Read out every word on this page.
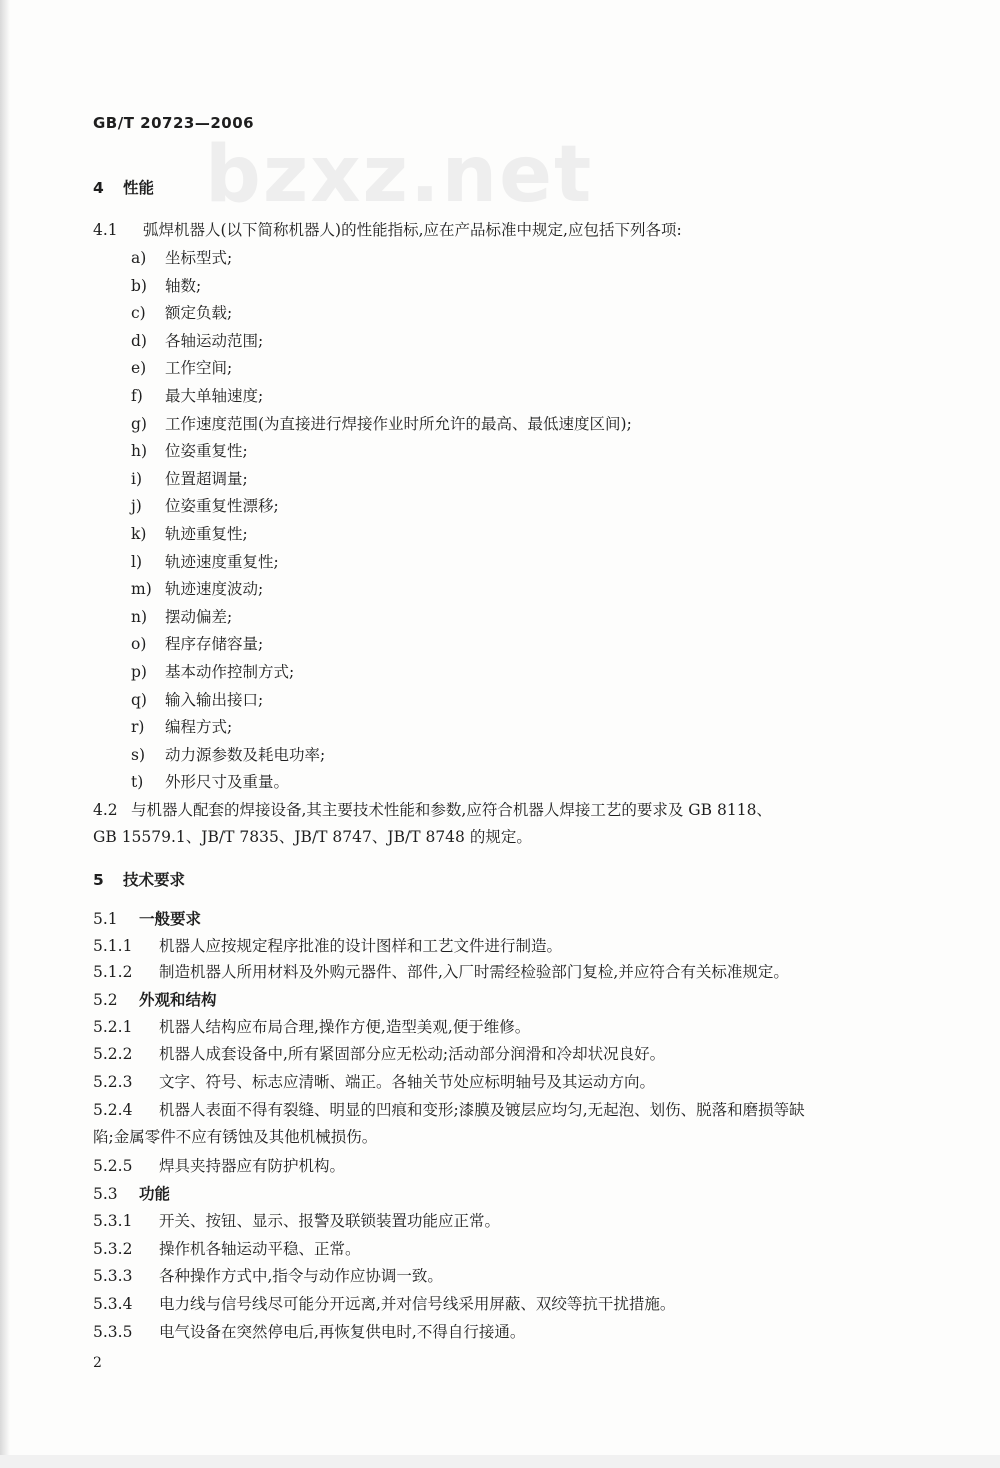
bzxz.net
GB/T 20723—2006
4 性能
4.1 弧焊机器人(以下简称机器人)的性能指标,应在产品标准中规定,应包括下列各项:
a) 坐标型式;
b) 轴数;
c) 额定负载;
d) 各轴运动范围;
e) 工作空间;
f) 最大单轴速度;
g) 工作速度范围(为直接进行焊接作业时所允许的最高、最低速度区间);
h) 位姿重复性;
i) 位置超调量;
j) 位姿重复性漂移;
k) 轨迹重复性;
l) 轨迹速度重复性;
m) 轨迹速度波动;
n) 摆动偏差;
o) 程序存储容量;
p) 基本动作控制方式;
q) 输入输出接口;
r) 编程方式;
s) 动力源参数及耗电功率;
t) 外形尺寸及重量。
4.2 与机器人配套的焊接设备,其主要技术性能和参数,应符合机器人焊接工艺的要求及 GB 8118、
GB 15579.1、JB/T 7835、JB/T 8747、JB/T 8748 的规定。
5 技术要求
5.1 一般要求
5.1.1 机器人应按规定程序批准的设计图样和工艺文件进行制造。
5.1.2 制造机器人所用材料及外购元器件、部件,入厂时需经检验部门复检,并应符合有关标准规定。
5.2 外观和结构
5.2.1 机器人结构应布局合理,操作方便,造型美观,便于维修。
5.2.2 机器人成套设备中,所有紧固部分应无松动;活动部分润滑和冷却状况良好。
5.2.3 文字、符号、标志应清晰、端正。各轴关节处应标明轴号及其运动方向。
5.2.4 机器人表面不得有裂缝、明显的凹痕和变形;漆膜及镀层应均匀,无起泡、划伤、脱落和磨损等缺
陷;金属零件不应有锈蚀及其他机械损伤。
5.2.5 焊具夹持器应有防护机构。
5.3 功能
5.3.1 开关、按钮、显示、报警及联锁装置功能应正常。
5.3.2 操作机各轴运动平稳、正常。
5.3.3 各种操作方式中,指令与动作应协调一致。
5.3.4 电力线与信号线尽可能分开远离,并对信号线采用屏蔽、双绞等抗干扰措施。
5.3.5 电气设备在突然停电后,再恢复供电时,不得自行接通。
2
